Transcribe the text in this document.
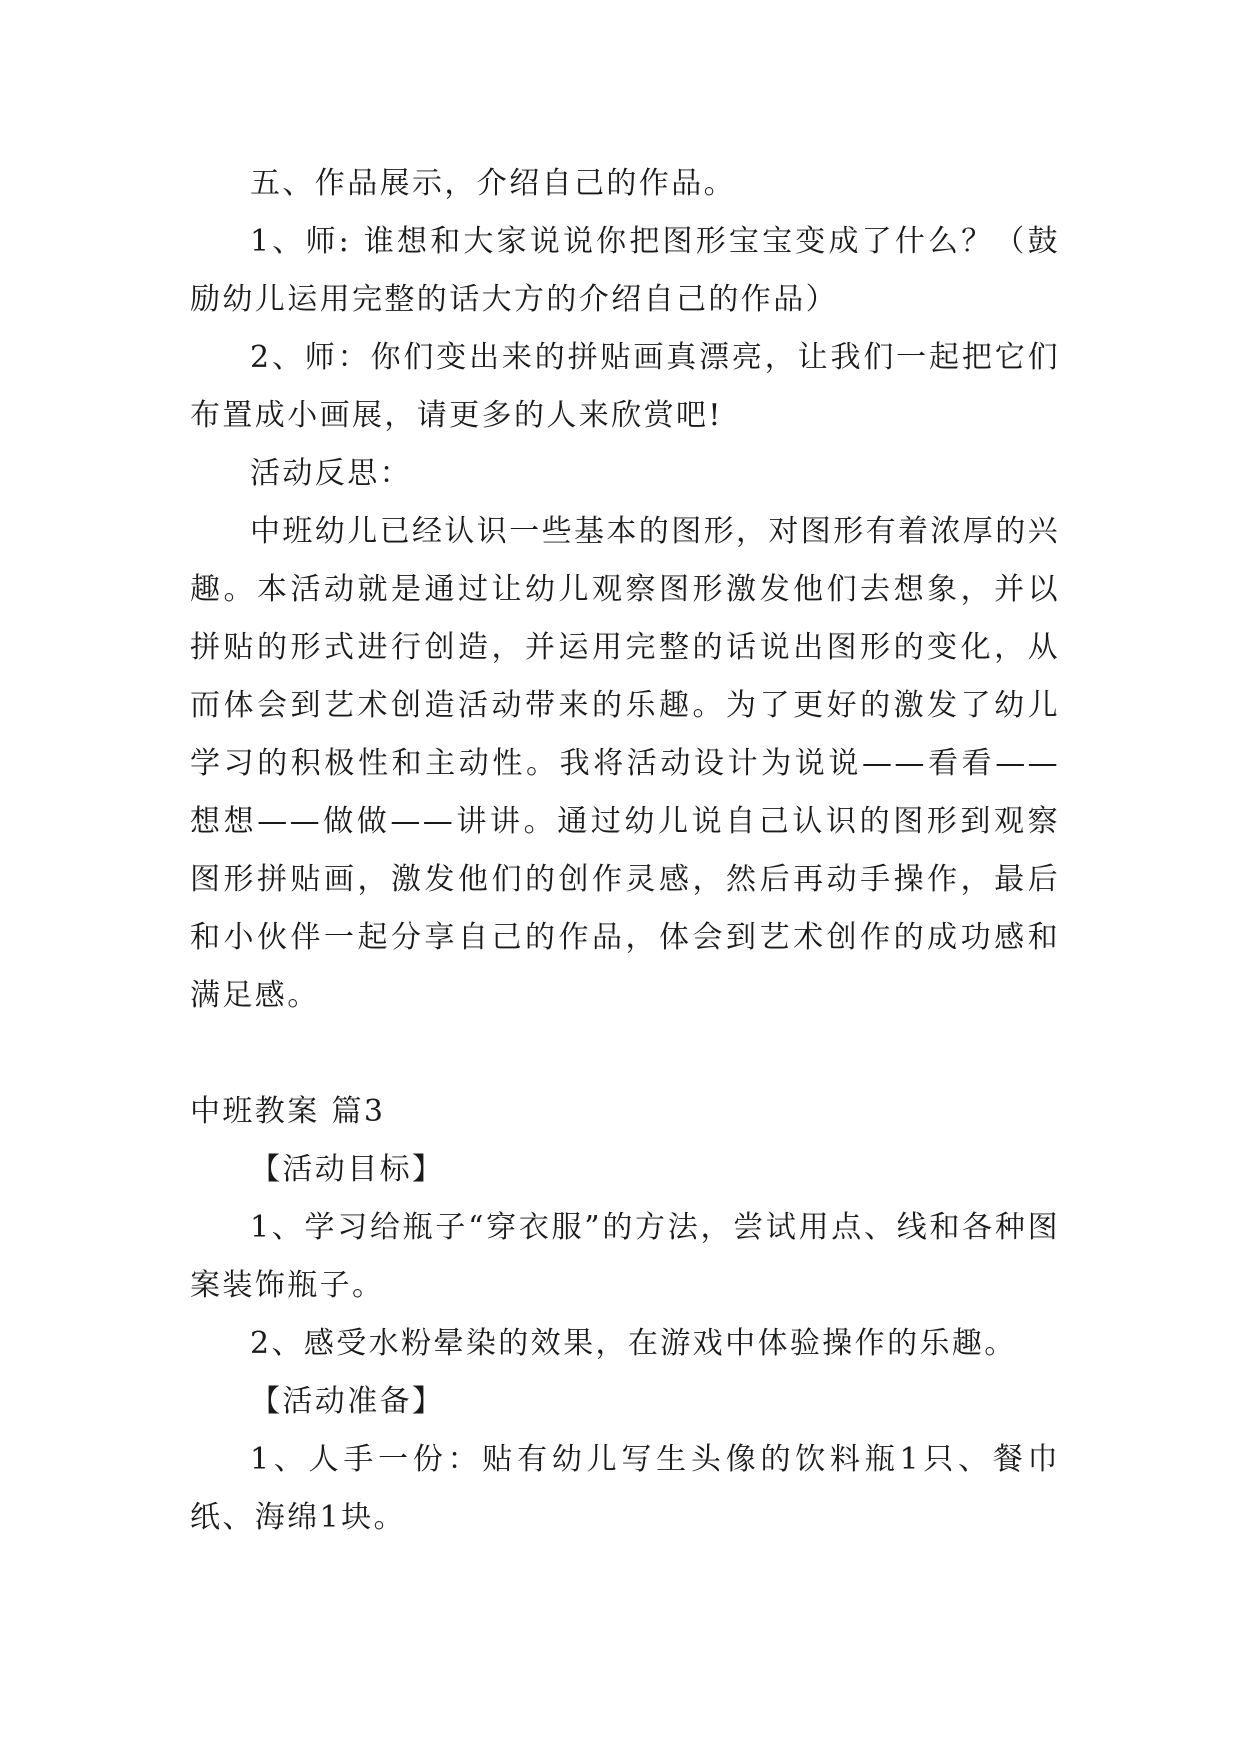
五、作品展示，介绍自己的作品。

1、师: 谁想和大家说说你把图形宝宝变成了什么？（鼓励幼儿运用完整的话大方的介绍自己的作品）

2、师：你们变出来的拼贴画真漂亮，让我们一起把它们布置成小画展，请更多的人来欣赏吧!

活动反思：

中班幼儿已经认识一些基本的图形，对图形有着浓厚的兴趣。本活动就是通过让幼儿观察图形激发他们去想象，并以拼贴的形式进行创造，并运用完整的话说出图形的变化，从而体会到艺术创造活动带来的乐趣。为了更好的激发了幼儿学习的积极性和主动性。我将活动设计为说说——看看——想想——做做——讲讲。通过幼儿说自己认识的图形到观察图形拼贴画，激发他们的创作灵感，然后再动手操作，最后和小伙伴一起分享自己的作品，体会到艺术创作的成功感和满足感。

中班教案 篇3

【活动目标】

1、学习给瓶子“穿衣服”的方法，尝试用点、线和各种图案装饰瓶子。

2、感受水粉晕染的效果，在游戏中体验操作的乐趣。

【活动准备】

1、人手一份：贴有幼儿写生头像的饮料瓶1只、餐巾纸、海绵1块。
